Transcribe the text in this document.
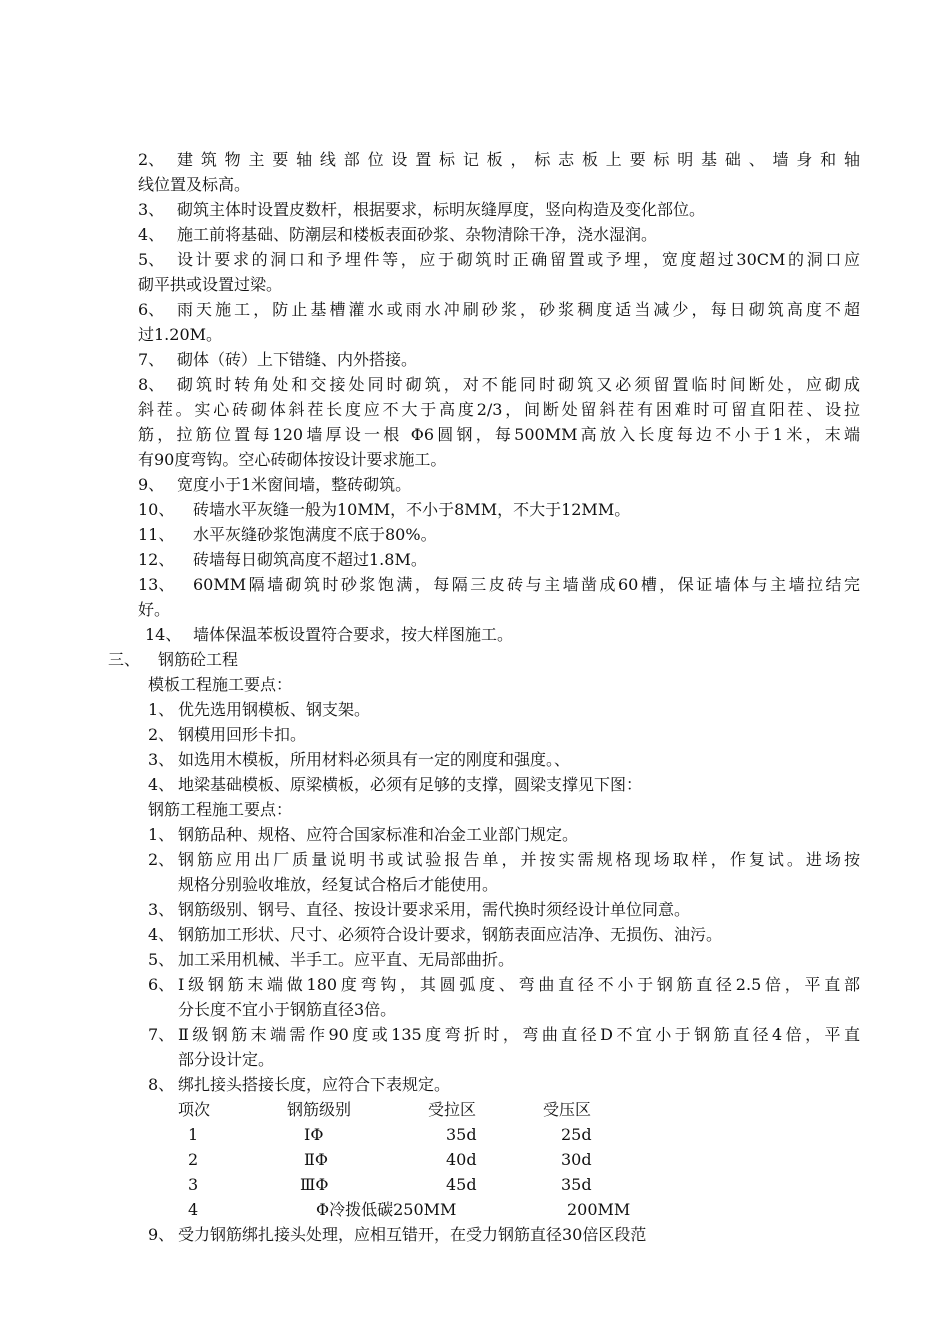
2、 建筑物主要轴线部位设置标记板，标志板上要标明基础、墙身和轴
线位置及标高。
3、 砌筑主体时设置皮数杆，根据要求，标明灰缝厚度，竖向构造及变化部位。
4、 施工前将基础、防潮层和楼板表面砂浆、杂物清除干净，浇水湿润。
5、 设计要求的洞口和予埋件等，应于砌筑时正确留置或予埋，宽度超过30CM的洞口应
砌平拱或设置过梁。
6、 雨天施工，防止基槽灌水或雨水冲刷砂浆，砂浆稠度适当减少，每日砌筑高度不超
过1.20M。
7、 砌体（砖）上下错缝、内外搭接。
8、 砌筑时转角处和交接处同时砌筑，对不能同时砌筑又必须留置临时间断处，应砌成
斜茬。实心砖砌体斜茬长度应不大于高度2/3，间断处留斜茬有困难时可留直阳茬、设拉
筋，拉筋位置每120墙厚设一根 Φ6圆钢，每500MM高放入长度每边不小于1米，末端
有90度弯钩。空心砖砌体按设计要求施工。
9、 宽度小于1米窗间墙，整砖砌筑。
10、 砖墙水平灰缝一般为10MM，不小于8MM，不大于12MM。
11、 水平灰缝砂浆饱满度不底于80%。
12、 砖墙每日砌筑高度不超过1.8M。
13、 60MM隔墙砌筑时砂浆饱满，每隔三皮砖与主墙凿成60槽，保证墙体与主墙拉结完
好。
14、 墙体保温苯板设置符合要求，按大样图施工。
三、 钢筋砼工程
模板工程施工要点：
1、 优先选用钢模板、钢支架。
2、 钢模用回形卡扣。
3、 如选用木模板，所用材料必须具有一定的刚度和强度。、
4、 地梁基础模板、原梁横板，必须有足够的支撑，圆梁支撑见下图：
钢筋工程施工要点：
1、 钢筋品种、规格、应符合国家标准和冶金工业部门规定。
2、 钢筋应用出厂质量说明书或试验报告单，并按实需规格现场取样，作复试。进场按
规格分别验收堆放，经复试合格后才能使用。
3、 钢筋级别、钢号、直径、按设计要求采用，需代换时须经设计单位同意。
4、 钢筋加工形状、尺寸、必须符合设计要求，钢筋表面应洁净、无损伤、油污。
5、 加工采用机械、半手工。应平直、无局部曲折。
6、 Ⅰ级钢筋末端做180度弯钩，其圆弧度、弯曲直径不小于钢筋直径2.5倍，平直部
分长度不宜小于钢筋直径3倍。
7、 Ⅱ级钢筋末端需作90度或135度弯折时，弯曲直径D不宜小于钢筋直径4倍，平直
部分设计定。
8、 绑扎接头搭接长度，应符合下表规定。
项次	钢筋级别	受拉区	受压区
1	ⅠΦ	35d	25d
2	ⅡΦ	40d	30d
3	ⅢΦ	45d	35d
4	Φ冷拨低碳250MM	200MM
9、 受力钢筋绑扎接头处理，应相互错开，在受力钢筋直径30倍区段范
